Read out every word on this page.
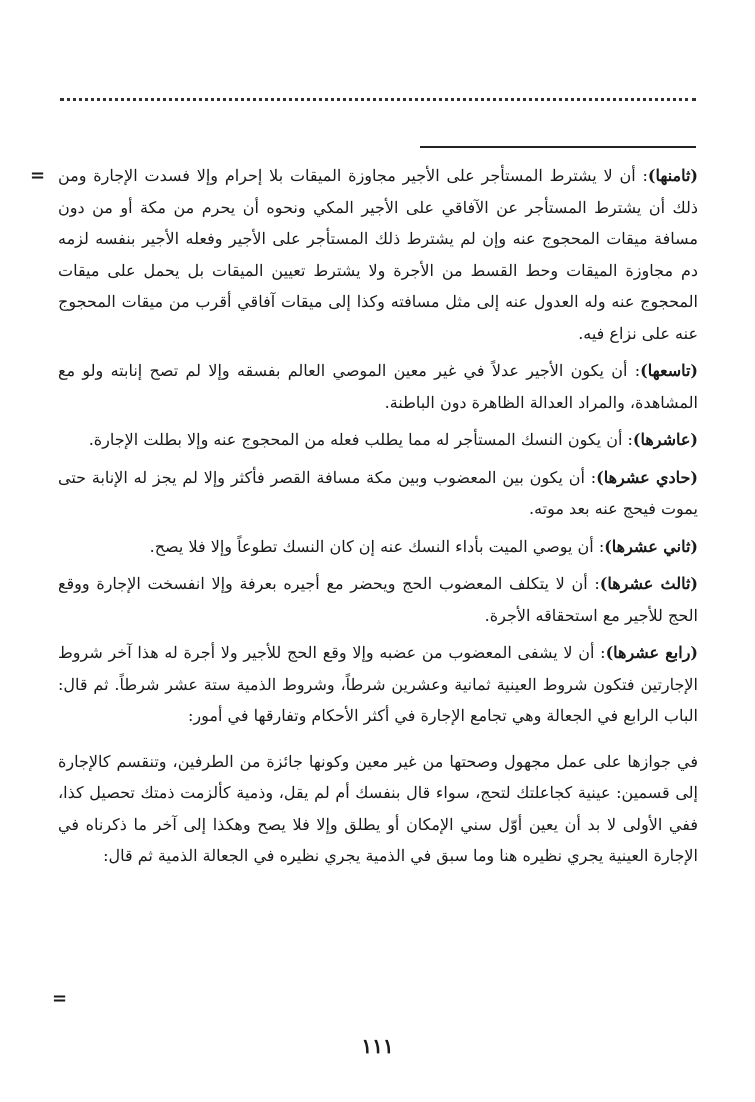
=	(ثامنها): أن لا يشترط المستأجر على الأجير مجاوزة الميقات بلا إحرام وإلا فسدت الإجارة ومن ذلك أن يشترط المستأجر عن الآفاقي على الأجير المكي ونحوه أن يحرم من مكة أو من دون مسافة ميقات المحجوج عنه وإن لم يشترط ذلك المستأجر على الأجير وفعله الأجير بنفسه لزمه دم مجاوزة الميقات وحط القسط من الأجرة ولا يشترط تعيين الميقات بل يحمل على ميقات المحجوج عنه وله العدول عنه إلى مثل مسافته وكذا إلى ميقات آفاقي أقرب من ميقات المحجوج عنه على نزاع فيه.

(تاسعها): أن يكون الأجير عدلاً في غير معين الموصي العالم بفسقه وإلا لم تصح إنابته ولو مع المشاهدة، والمراد العدالة الظاهرة دون الباطنة.

(عاشرها): أن يكون النسك المستأجر له مما يطلب فعله من المحجوج عنه وإلا بطلت الإجارة.

(حادي عشرها): أن يكون بين المعضوب وبين مكة مسافة القصر فأكثر وإلا لم يجز له الإنابة حتى يموت فيحج عنه بعد موته.

(ثاني عشرها): أن يوصي الميت بأداء النسك عنه إن كان النسك تطوعاً وإلا فلا يصح.

(ثالث عشرها): أن لا يتكلف المعضوب الحج ويحضر مع أجيره بعرفة وإلا انفسخت الإجارة ووقع الحج للأجير مع استحقاقه الأجرة.

(رابع عشرها): أن لا يشفى المعضوب من عضبه وإلا وقع الحج للأجير ولا أجرة له هذا آخر شروط الإجارتين فتكون شروط العينية ثمانية وعشرين شرطاً، وشروط الذمية ستة عشر شرطاً. ثم قال: الباب الرابع في الجعالة وهي تجامع الإجارة في أكثر الأحكام وتفارقها في أمور:

في جوازها على عمل مجهول وصحتها من غير معين وكونها جائزة من الطرفين، وتنقسم كالإجارة إلى قسمين: عينية كجاعلتك لتحج، سواء قال بنفسك أم لم يقل، وذمية كألزمت ذمتك تحصيل كذا، ففي الأولى لا بد أن يعين أوّل سني الإمكان أو يطلق وإلا فلا يصح وهكذا إلى آخر ما ذكرناه في الإجارة العينية يجري نظيره هنا وما سبق في الذمية يجري نظيره في الجعالة الذمية ثم قال:

=
١١١
